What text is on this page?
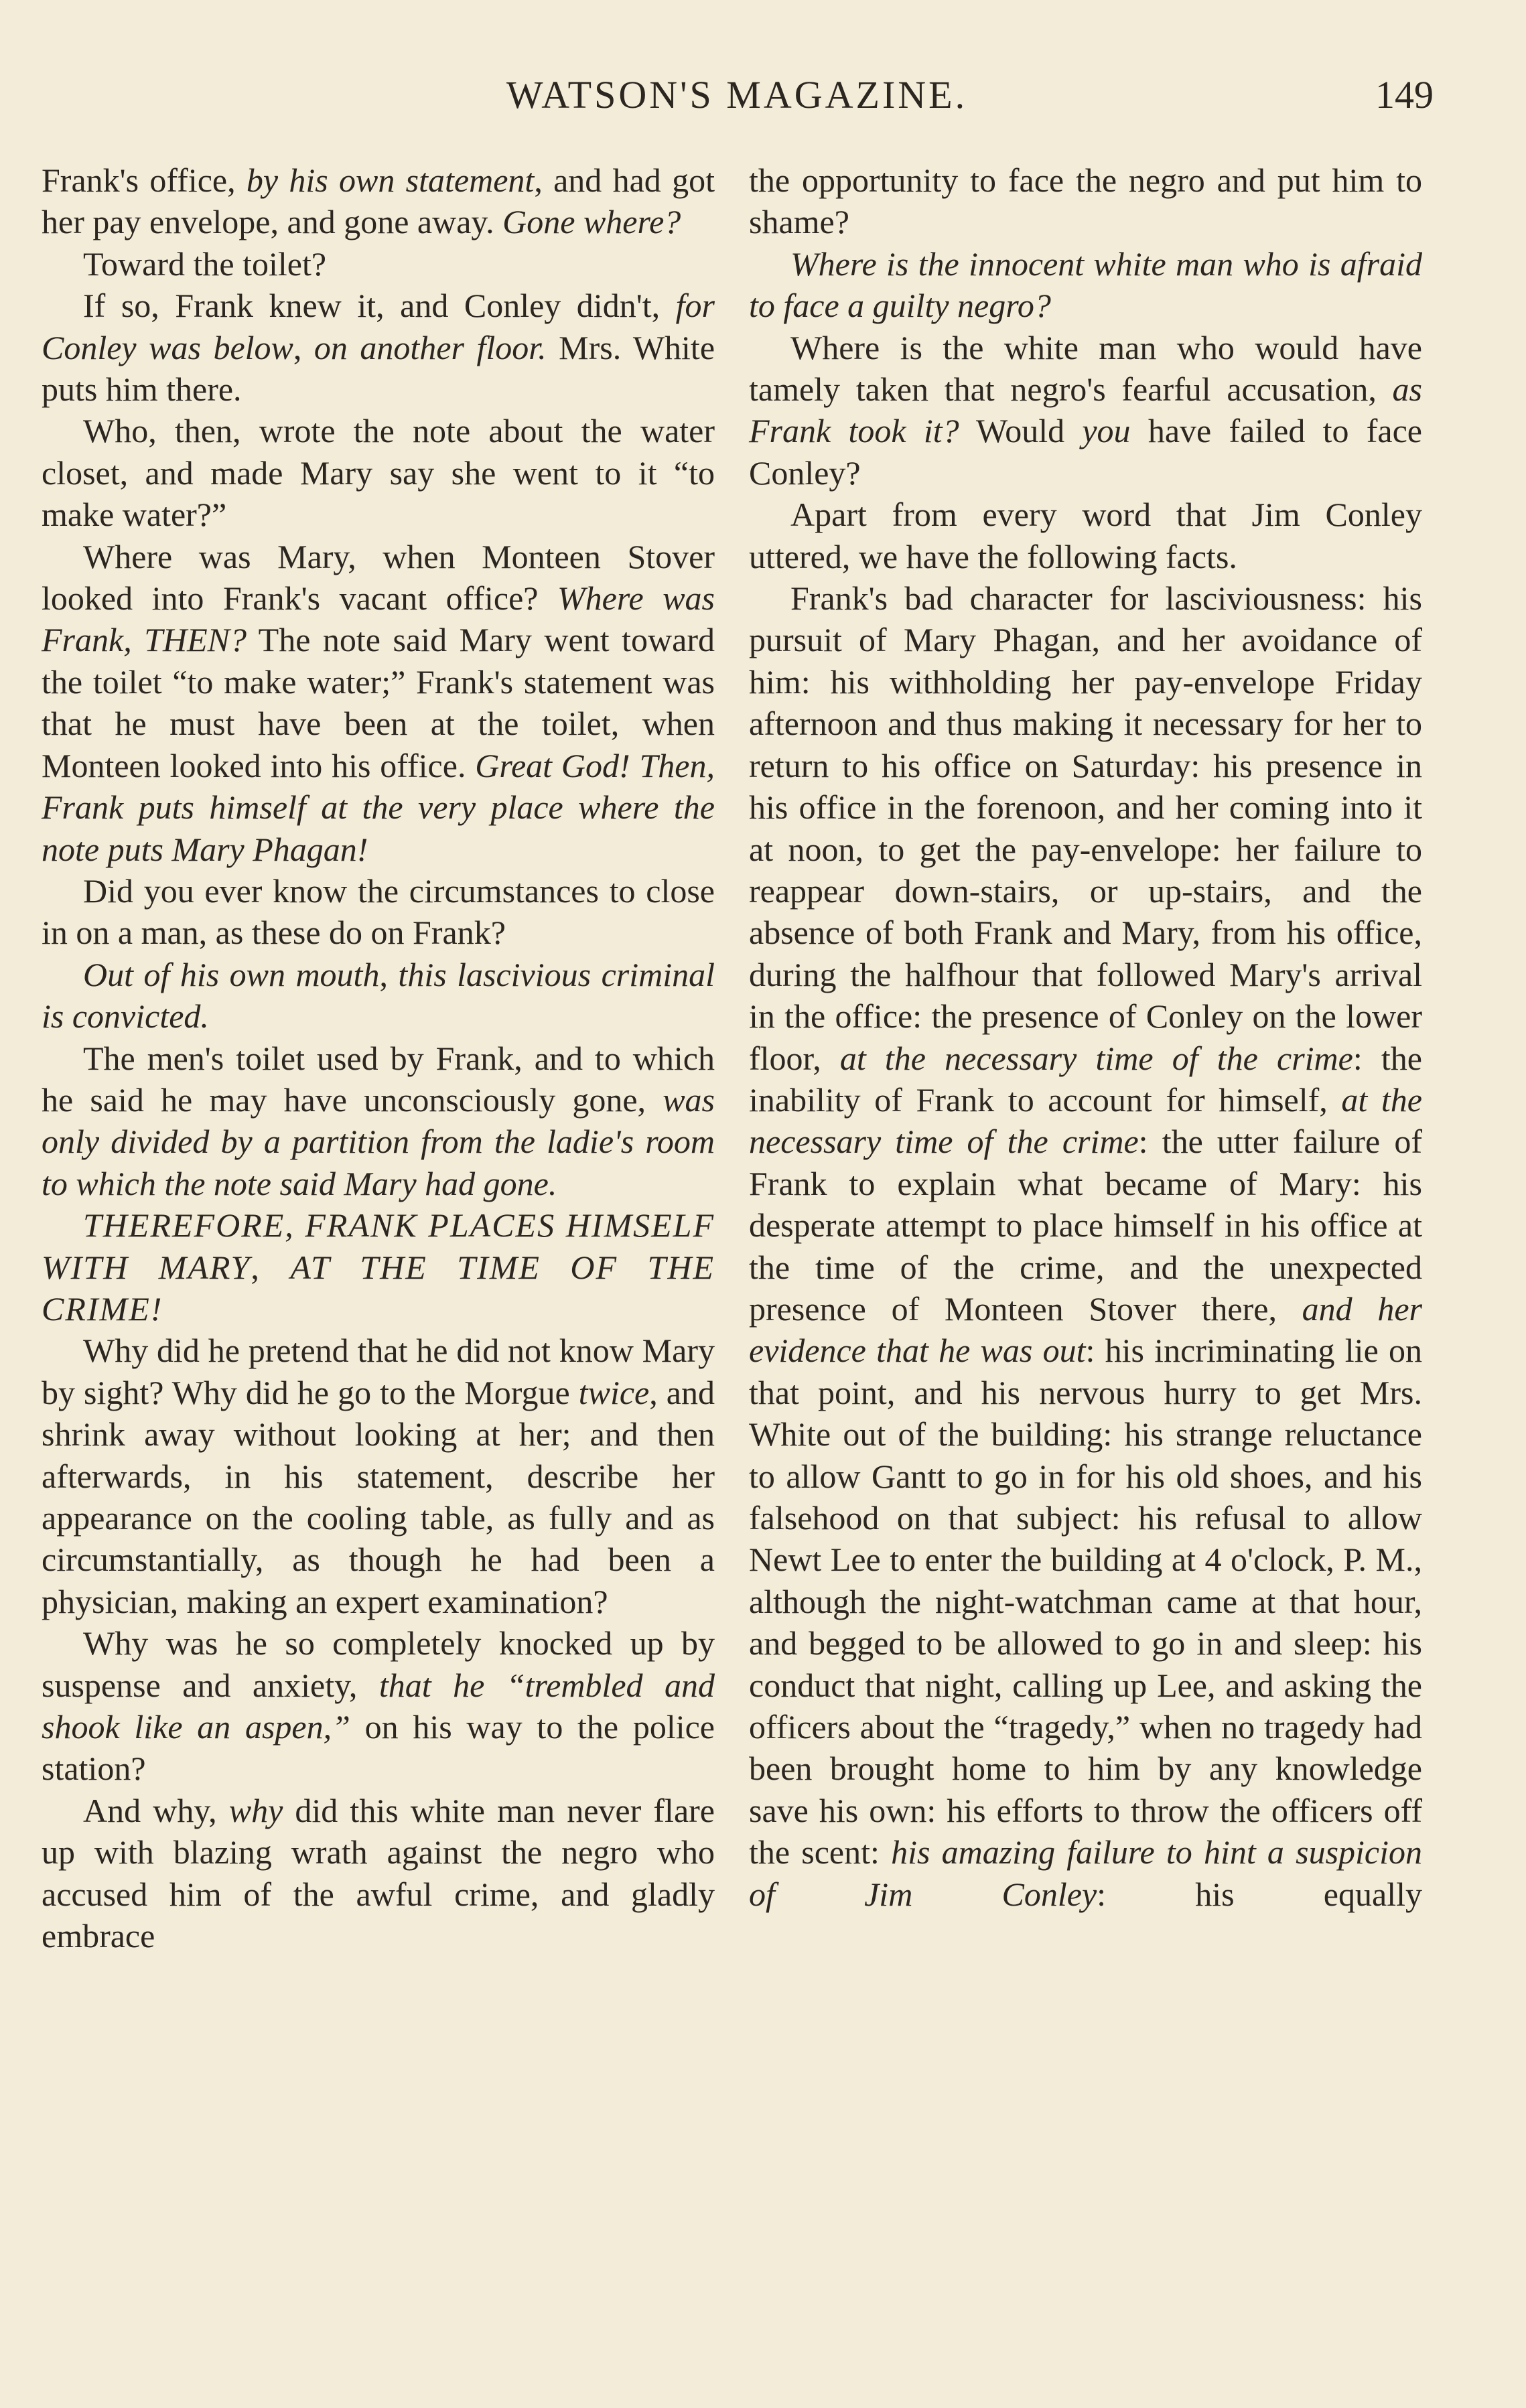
WATSON'S MAGAZINE.	149

Frank's office, by his own statement, and had got her pay envelope, and gone away. Gone where?

Toward the toilet?

If so, Frank knew it, and Conley didn't, for Conley was below, on another floor. Mrs. White puts him there.

Who, then, wrote the note about the water closet, and made Mary say she went to it “to make water?”

Where was Mary, when Monteen Stover looked into Frank's vacant office? Where was Frank, THEN? The note said Mary went toward the toilet “to make water;” Frank's statement was that he must have been at the toilet, when Monteen looked into his office. Great God! Then, Frank puts himself at the very place where the note puts Mary Phagan!

Did you ever know the circumstances to close in on a man, as these do on Frank?

Out of his own mouth, this lascivious criminal is convicted.

The men's toilet used by Frank, and to which he said he may have unconsciously gone, was only divided by a partition from the ladie's room to which the note said Mary had gone.

THEREFORE, FRANK PLACES HIMSELF WITH MARY, AT THE TIME OF THE CRIME!

Why did he pretend that he did not know Mary by sight? Why did he go to the Morgue twice, and shrink away without looking at her; and then afterwards, in his statement, describe her appearance on the cooling table, as fully and as circumstantially, as though he had been a physician, making an expert examination?

Why was he so completely knocked up by suspense and anxiety, that he “trembled and shook like an aspen,” on his way to the police station?

And why, why did this white man never flare up with blazing wrath against the negro who accused him of the awful crime, and gladly embrace

the opportunity to face the negro and put him to shame?

Where is the innocent white man who is afraid to face a guilty negro?

Where is the white man who would have tamely taken that negro's fearful accusation, as Frank took it? Would you have failed to face Conley?

Apart from every word that Jim Conley uttered, we have the following facts.

Frank's bad character for lasciviousness: his pursuit of Mary Phagan, and her avoidance of him: his withholding her pay-envelope Friday afternoon and thus making it necessary for her to return to his office on Saturday: his presence in his office in the forenoon, and her coming into it at noon, to get the pay-envelope: her failure to reappear down-stairs, or up-stairs, and the absence of both Frank and Mary, from his office, during the halfhour that followed Mary's arrival in the office: the presence of Conley on the lower floor, at the necessary time of the crime: the inability of Frank to account for himself, at the necessary time of the crime: the utter failure of Frank to explain what became of Mary: his desperate attempt to place himself in his office at the time of the crime, and the unexpected presence of Monteen Stover there, and her evidence that he was out: his incriminating lie on that point, and his nervous hurry to get Mrs. White out of the building: his strange reluctance to allow Gantt to go in for his old shoes, and his falsehood on that subject: his refusal to allow Newt Lee to enter the building at 4 o'clock, P. M., although the night-watchman came at that hour, and begged to be allowed to go in and sleep: his conduct that night, calling up Lee, and asking the officers about the “tragedy,” when no tragedy had been brought home to him by any knowledge save his own: his efforts to throw the officers off the scent: his amazing failure to hint a suspicion of Jim Conley: his equally
